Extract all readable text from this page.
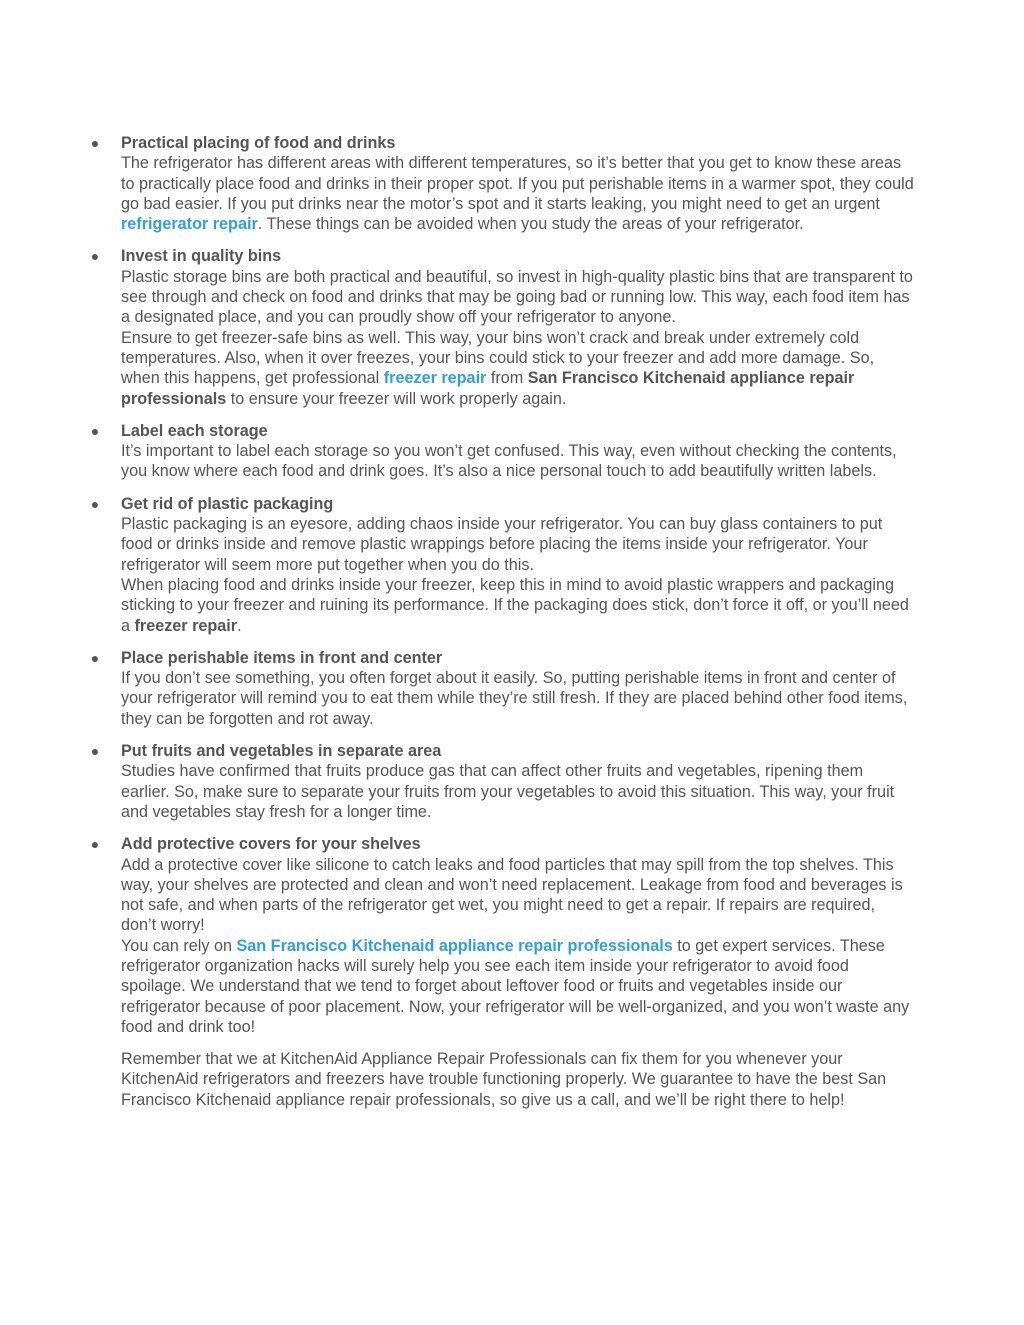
● Practical placing of food and drinks

The refrigerator has different areas with different temperatures, so it’s better that you get to know these areas to practically place food and drinks in their proper spot. If you put perishable items in a warmer spot, they could go bad easier. If you put drinks near the motor’s spot and it starts leaking, you might need to get an urgent refrigerator repair. These things can be avoided when you study the areas of your refrigerator.

● Invest in quality bins

Plastic storage bins are both practical and beautiful, so invest in high-quality plastic bins that are transparent to see through and check on food and drinks that may be going bad or running low. This way, each food item has a designated place, and you can proudly show off your refrigerator to anyone.

Ensure to get freezer-safe bins as well. This way, your bins won’t crack and break under extremely cold temperatures. Also, when it over freezes, your bins could stick to your freezer and add more damage. So, when this happens, get professional freezer repair from San Francisco Kitchenaid appliance repair professionals to ensure your freezer will work properly again.

● Label each storage

It’s important to label each storage so you won’t get confused. This way, even without checking the contents, you know where each food and drink goes. It’s also a nice personal touch to add beautifully written labels.

● Get rid of plastic packaging

Plastic packaging is an eyesore, adding chaos inside your refrigerator. You can buy glass containers to put food or drinks inside and remove plastic wrappings before placing the items inside your refrigerator. Your refrigerator will seem more put together when you do this.

When placing food and drinks inside your freezer, keep this in mind to avoid plastic wrappers and packaging sticking to your freezer and ruining its performance. If the packaging does stick, don’t force it off, or you’ll need a freezer repair.

● Place perishable items in front and center

If you don’t see something, you often forget about it easily. So, putting perishable items in front and center of your refrigerator will remind you to eat them while they’re still fresh. If they are placed behind other food items, they can be forgotten and rot away.

● Put fruits and vegetables in separate area

Studies have confirmed that fruits produce gas that can affect other fruits and vegetables, ripening them earlier. So, make sure to separate your fruits from your vegetables to avoid this situation. This way, your fruit and vegetables stay fresh for a longer time.

● Add protective covers for your shelves

Add a protective cover like silicone to catch leaks and food particles that may spill from the top shelves. This way, your shelves are protected and clean and won’t need replacement. Leakage from food and beverages is not safe, and when parts of the refrigerator get wet, you might need to get a repair. If repairs are required, don’t worry!

You can rely on San Francisco Kitchenaid appliance repair professionals to get expert services. These refrigerator organization hacks will surely help you see each item inside your refrigerator to avoid food spoilage. We understand that we tend to forget about leftover food or fruits and vegetables inside our refrigerator because of poor placement. Now, your refrigerator will be well-organized, and you won’t waste any food and drink too!

Remember that we at KitchenAid Appliance Repair Professionals can fix them for you whenever your KitchenAid refrigerators and freezers have trouble functioning properly. We guarantee to have the best San Francisco Kitchenaid appliance repair professionals, so give us a call, and we’ll be right there to help!
